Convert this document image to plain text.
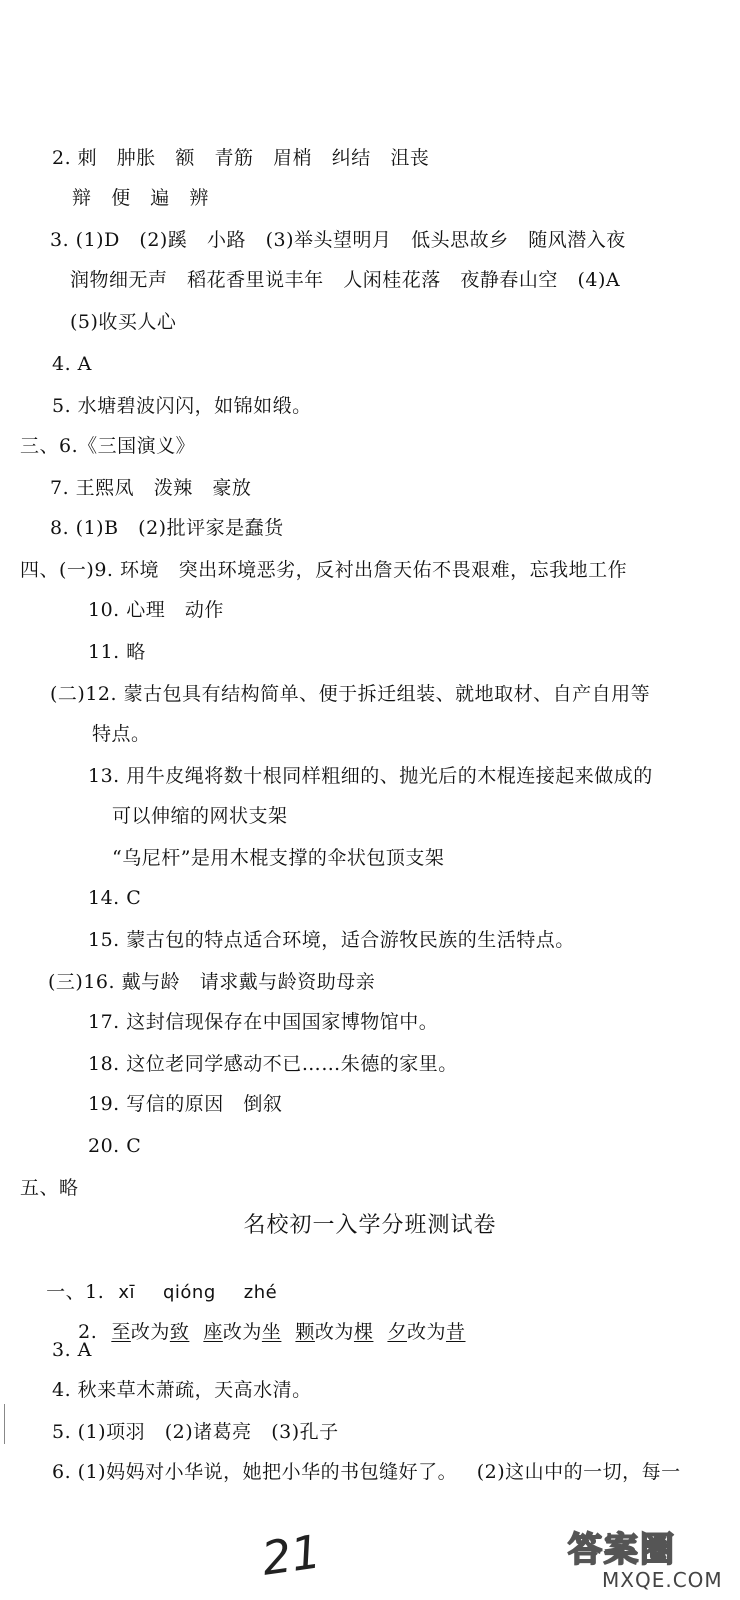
2. 刺   肿胀   额   青筋   眉梢   纠结   沮丧
辩   便   遍   辨
3. (1)D   (2)蹊   小路   (3)举头望明月   低头思故乡   随风潜入夜
润物细无声   稻花香里说丰年   人闲桂花落   夜静春山空   (4)A
(5)收买人心
4. A
5. 水塘碧波闪闪，如锦如缎。
三、6.《三国演义》
7. 王熙凤   泼辣   豪放
8. (1)B   (2)批评家是蠢货
四、(一)9. 环境   突出环境恶劣，反衬出詹天佑不畏艰难，忘我地工作
10. 心理   动作
11. 略
(二)12. 蒙古包具有结构简单、便于拆迁组装、就地取材、自产自用等
特点。
13. 用牛皮绳将数十根同样粗细的、抛光后的木棍连接起来做成的
可以伸缩的网状支架
“乌尼杆”是用木棍支撑的伞状包顶支架
14. C
15. 蒙古包的特点适合环境，适合游牧民族的生活特点。
(三)16. 戴与龄   请求戴与龄资助母亲
17. 这封信现保存在中国国家博物馆中。
18. 这位老同学感动不已……朱德的家里。
19. 写信的原因   倒叙
20. C
五、略
名校初一入学分班测试卷

一、1. xī qióng zhé

2. 至改为致 座改为坐 颗改为棵 夕改为昔

3. A
4. 秋来草木萧疏，天高水清。
5. (1)项羽   (2)诸葛亮   (3)孔子
6. (1)妈妈对小华说，她把小华的书包缝好了。   (2)这山中的一切，每一
21	答案圈
MXQE.COM
